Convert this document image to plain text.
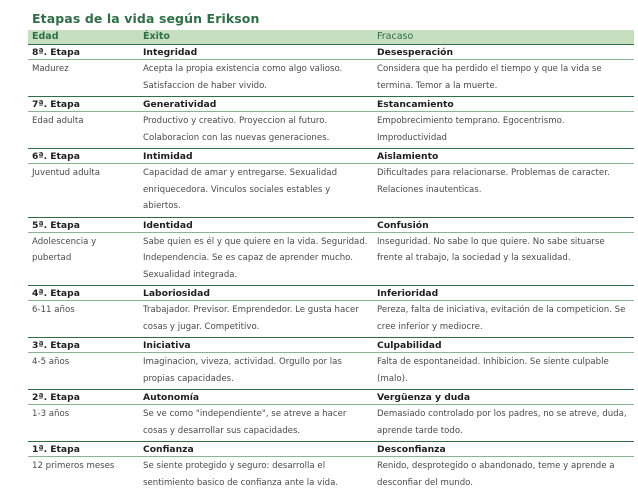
Etapas de la vida según Erikson
Edad	Éxito	Fracaso
8ª. Etapa	Integridad	Desesperación
Madurez	Acepta la propia existencia como algo valioso. Satisfaccion de haber vivido.	Considera que ha perdido el tiempo y que la vida se termina. Temor a la muerte.
7ª. Etapa	Generatividad	Estancamiento
Edad adulta	Productivo y creativo. Proyeccion al futuro. Colaboracion con las nuevas generaciones.	Empobrecimiento temprano. Egocentrismo. Improductividad
6ª. Etapa	Intimidad	Aislamiento
Juventud adulta	Capacidad de amar y entregarse. Sexualidad enriquecedora. Vinculos sociales estables y abiertos.	Dificultades para relacionarse. Problemas de caracter. Relaciones inautenticas.
5ª. Etapa	Identidad	Confusión
Adolescencia y pubertad	Sabe quien es él y que quiere en la vida. Seguridad. Independencia. Se es capaz de aprender mucho. Sexualidad integrada.	Inseguridad. No sabe lo que quiere. No sabe situarse frente al trabajo, la sociedad y la sexualidad.
4ª. Etapa	Laboriosidad	Inferioridad
6-11 años	Trabajador. Previsor. Emprendedor. Le gusta hacer cosas y jugar. Competitivo.	Pereza, falta de iniciativa, evitación de la competicion. Se cree inferior y mediocre.
3ª. Etapa	Iniciativa	Culpabilidad
4-5 años	Imaginacion, viveza, actividad. Orgullo por las propias capacidades.	Falta de espontaneidad. Inhibicion. Se siente culpable (malo).
2ª. Etapa	Autonomía	Vergüenza y duda
1-3 años	Se ve como "independiente", se atreve a hacer cosas y desarrollar sus capacidades.	Demasiado controlado por los padres, no se atreve, duda, aprende tarde todo.
1ª. Etapa	Confianza	Desconfianza
12 primeros meses	Se siente protegido y seguro: desarrolla el sentimiento basico de confianza ante la vida.	Renido, desprotegido o abandonado, teme y aprende a desconfiar del mundo.
